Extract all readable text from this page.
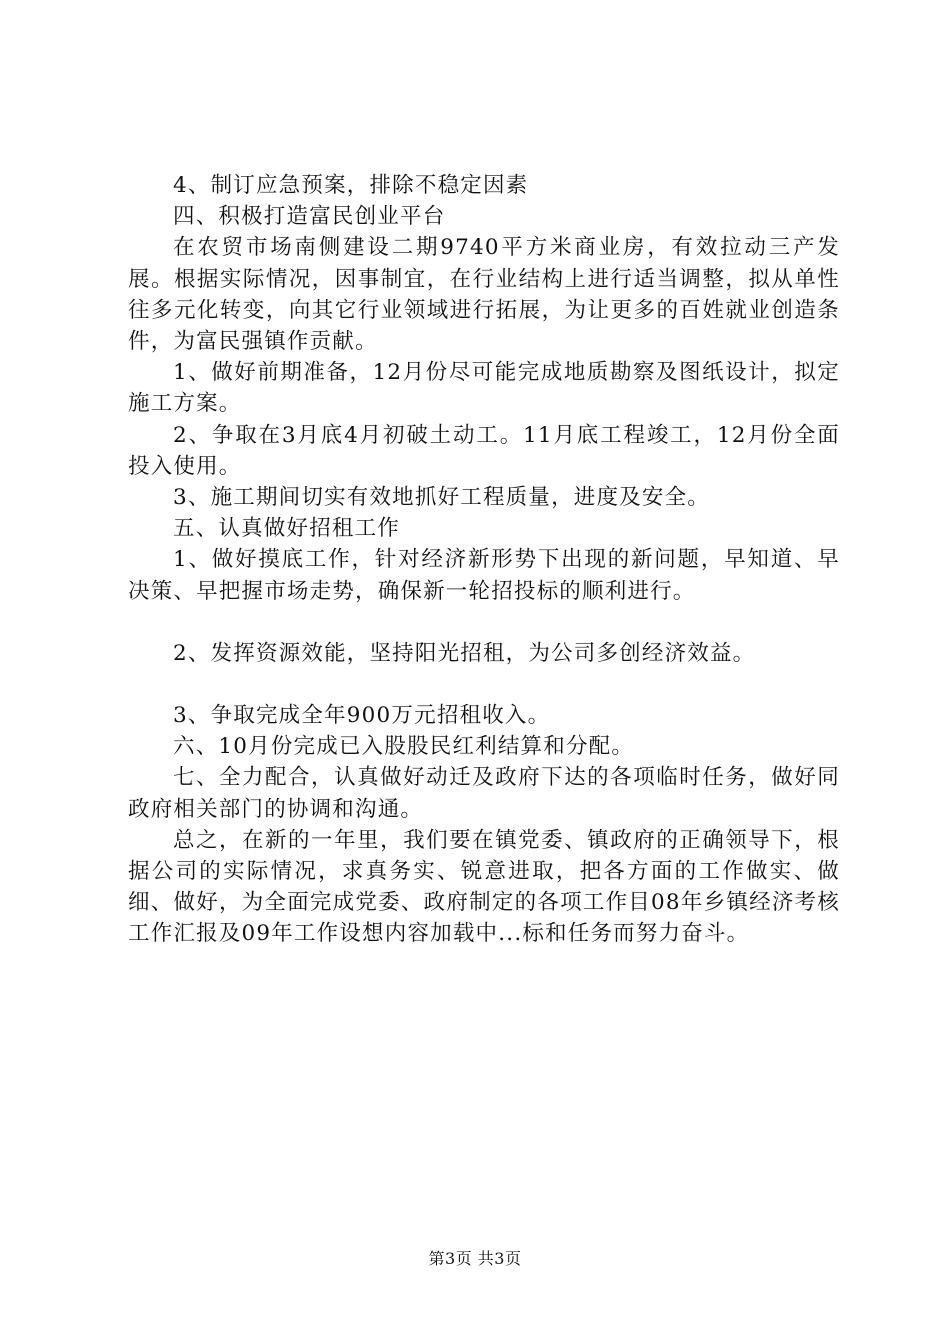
4、制订应急预案，排除不稳定因素

四、积极打造富民创业平台

在农贸市场南侧建设二期9740平方米商业房，有效拉动三产发展。根据实际情况，因事制宜，在行业结构上进行适当调整，拟从单性往多元化转变，向其它行业领域进行拓展，为让更多的百姓就业创造条件，为富民强镇作贡献。

1、做好前期准备，12月份尽可能完成地质勘察及图纸设计，拟定施工方案。

2、争取在3月底4月初破土动工。11月底工程竣工，12月份全面投入使用。

3、施工期间切实有效地抓好工程质量，进度及安全。

五、认真做好招租工作

1、做好摸底工作，针对经济新形势下出现的新问题，早知道、早决策、早把握市场走势，确保新一轮招投标的顺利进行。

2、发挥资源效能，坚持阳光招租，为公司多创经济效益。

3、争取完成全年900万元招租收入。

六、10月份完成已入股股民红利结算和分配。

七、全力配合，认真做好动迁及政府下达的各项临时任务，做好同政府相关部门的协调和沟通。

总之，在新的一年里，我们要在镇党委、镇政府的正确领导下，根据公司的实际情况，求真务实、锐意进取，把各方面的工作做实、做细、做好，为全面完成党委、政府制定的各项工作目08年乡镇经济考核工作汇报及09年工作设想内容加载中...标和任务而努力奋斗。

第3页 共3页
